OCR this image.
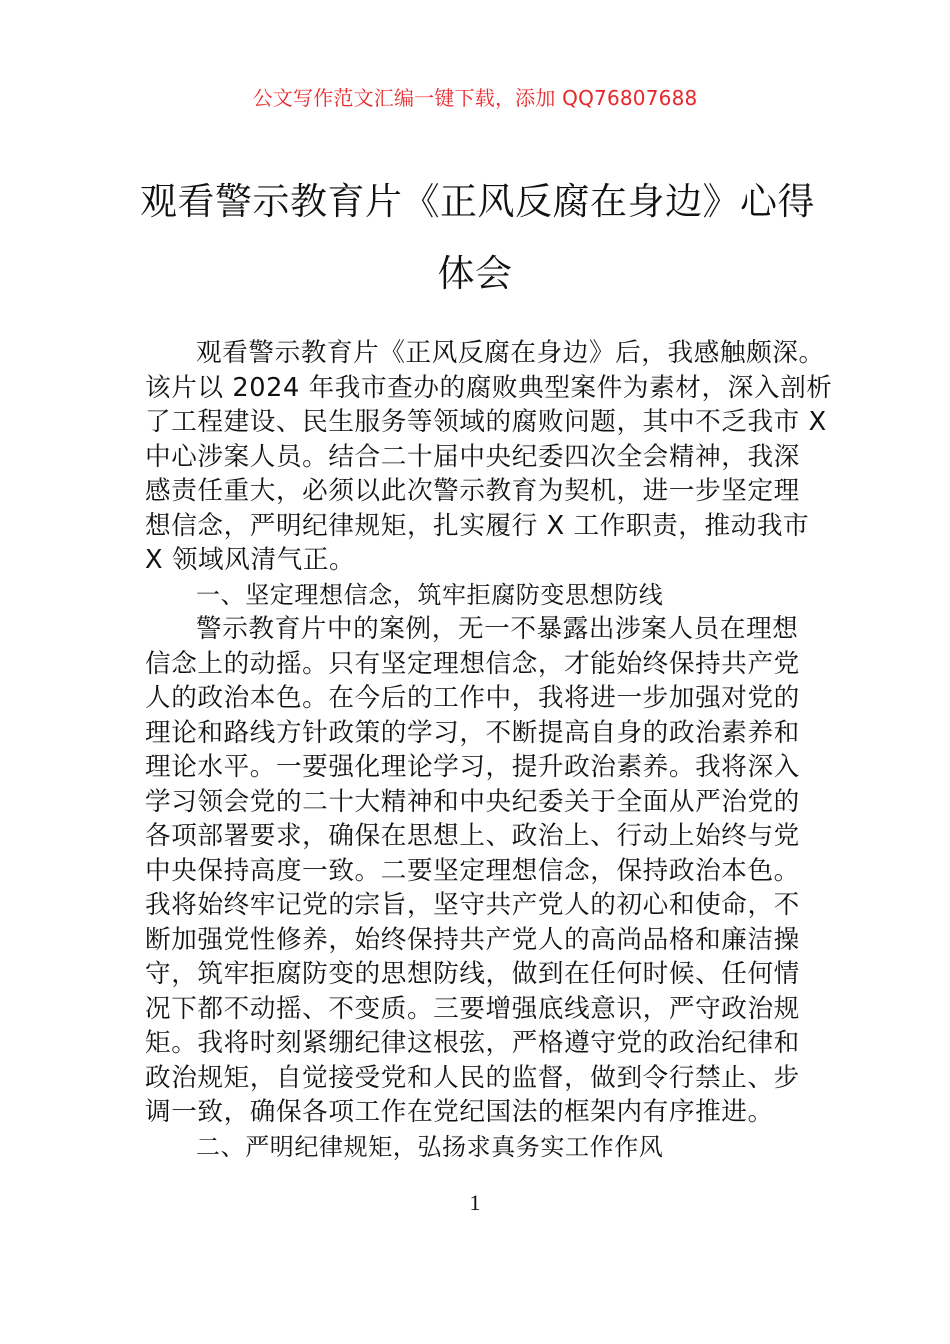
公文写作范文汇编一键下载，添加 QQ76807688
观看警示教育片《正风反腐在身边》心得
体会
观看警示教育片《正风反腐在身边》后，我感触颇深。
该片以 2024 年我市查办的腐败典型案件为素材，深入剖析
了工程建设、民生服务等领域的腐败问题，其中不乏我市 X
中心涉案人员。结合二十届中央纪委四次全会精神，我深
感责任重大，必须以此次警示教育为契机，进一步坚定理
想信念，严明纪律规矩，扎实履行 X 工作职责，推动我市
X 领域风清气正。
一、坚定理想信念，筑牢拒腐防变思想防线
警示教育片中的案例，无一不暴露出涉案人员在理想
信念上的动摇。只有坚定理想信念，才能始终保持共产党
人的政治本色。在今后的工作中，我将进一步加强对党的
理论和路线方针政策的学习，不断提高自身的政治素养和
理论水平。一要强化理论学习，提升政治素养。我将深入
学习领会党的二十大精神和中央纪委关于全面从严治党的
各项部署要求，确保在思想上、政治上、行动上始终与党
中央保持高度一致。二要坚定理想信念，保持政治本色。
我将始终牢记党的宗旨，坚守共产党人的初心和使命，不
断加强党性修养，始终保持共产党人的高尚品格和廉洁操
守，筑牢拒腐防变的思想防线，做到在任何时候、任何情
况下都不动摇、不变质。三要增强底线意识，严守政治规
矩。我将时刻紧绷纪律这根弦，严格遵守党的政治纪律和
政治规矩，自觉接受党和人民的监督，做到令行禁止、步
调一致，确保各项工作在党纪国法的框架内有序推进。
二、严明纪律规矩，弘扬求真务实工作作风
1
